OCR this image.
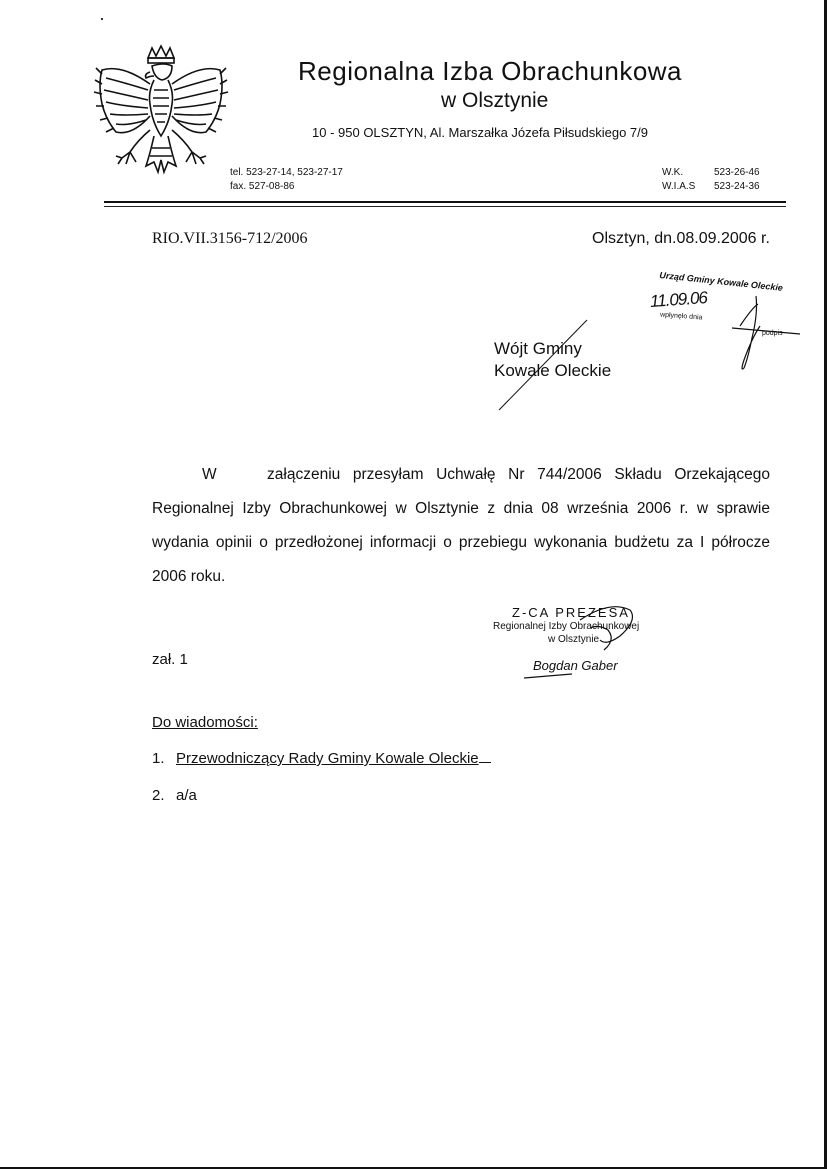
Regionalna Izba Obrachunkowa
w Olsztynie
10 - 950 OLSZTYN, Al. Marszałka Józefa Piłsudskiego 7/9
tel. 523-27-14, 523-27-17
fax. 527-08-86
W.K.	523-26-46
W.I.A.S 523-24-36
RIO.VII.3156-712/2006	Olsztyn, dn.08.09.2006 r.
Urząd Gminy Kowale Oleckie
11.09.06
wpłynęło dnia
podpis
Wójt Gminy
Kowale Oleckie
W	załączeniu przesyłam Uchwałę Nr 744/2006 Składu Orzekającego Regionalnej Izby Obrachunkowej w Olsztynie z dnia 08 września 2006 r. w sprawie wydania opinii o przedłożonej informacji o przebiegu wykonania budżetu za I półrocze 2006 roku.
Z-CA PREZESA
Regionalnej Izby Obrachunkowej
w Olsztynie
Bogdan Gaber
zał. 1
Do wiadomości:
1. Przewodniczący Rady Gminy Kowale Oleckie
2. a/a
